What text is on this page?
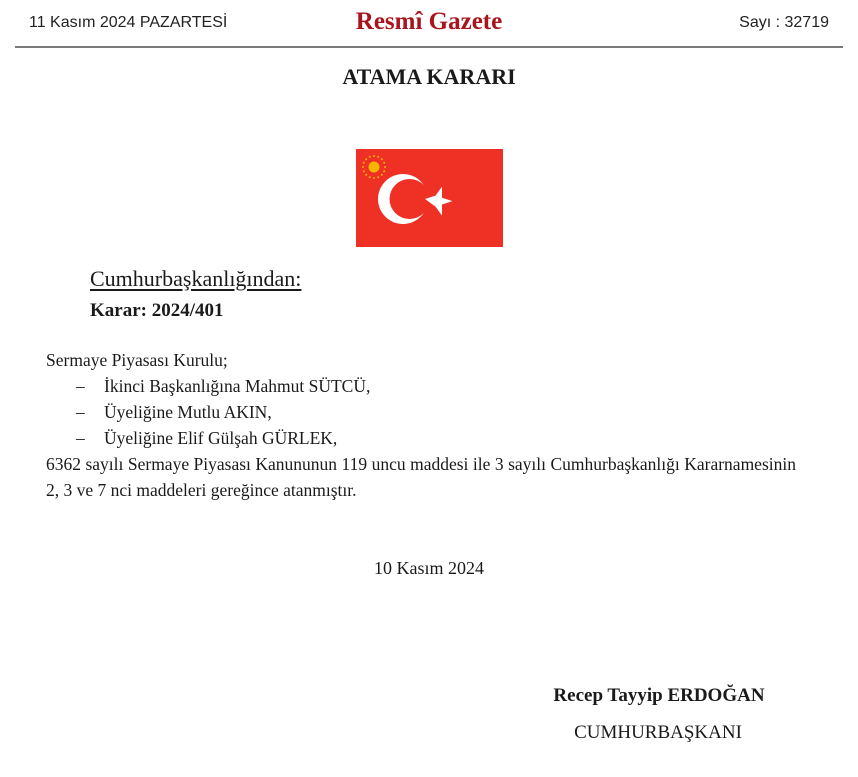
11 Kasım 2024 PAZARTESİ	Resmî Gazete	Sayı : 32719
ATAMA KARARI
Cumhurbaşkanlığından:
Karar: 2024/401
Sermaye Piyasası Kurulu;
– İkinci Başkanlığına Mahmut SÜTCÜ,
– Üyeliğine Mutlu AKIN,
– Üyeliğine Elif Gülşah GÜRLEK,
6362 sayılı Sermaye Piyasası Kanununun 119 uncu maddesi ile 3 sayılı Cumhurbaşkanlığı Kararnamesinin 2, 3 ve 7 nci maddeleri gereğince atanmıştır.
10 Kasım 2024
Recep Tayyip ERDOĞAN
CUMHURBAŞKANI
